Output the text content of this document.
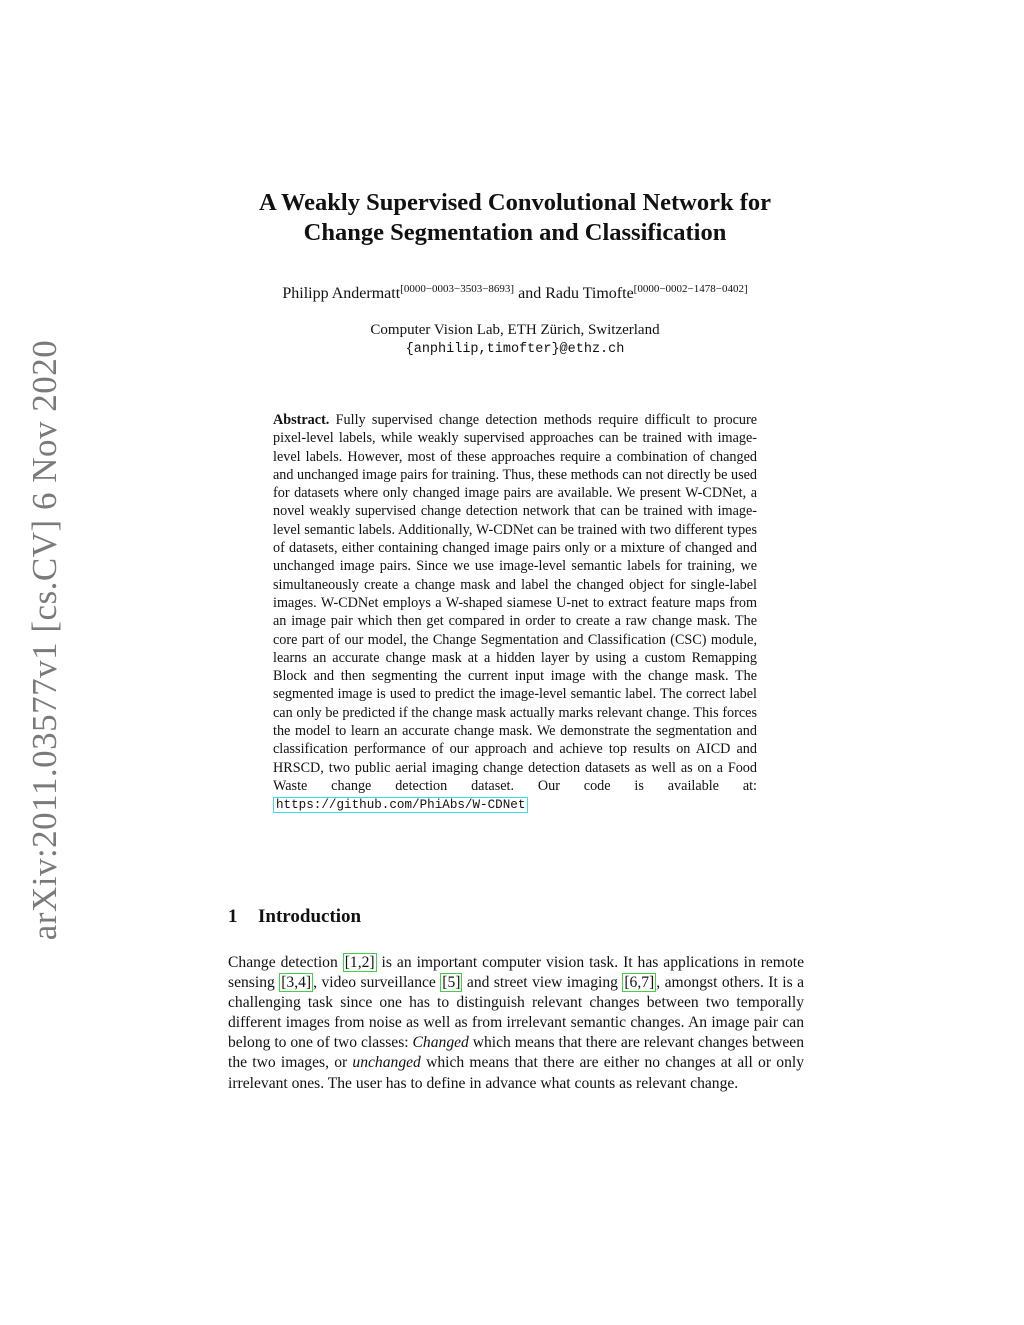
arXiv:2011.03577v1 [cs.CV] 6 Nov 2020
A Weakly Supervised Convolutional Network for
Change Segmentation and Classification
Philipp Andermatt[0000−0003−3503−8693] and Radu Timofte[0000−0002−1478−0402]
Computer Vision Lab, ETH Zürich, Switzerland
{anphilip,timofter}@ethz.ch
Abstract. Fully supervised change detection methods require difficult to procure pixel-level labels, while weakly supervised approaches can be trained with image-level labels. However, most of these approaches require a combination of changed and unchanged image pairs for training. Thus, these methods can not directly be used for datasets where only changed image pairs are available. We present W-CDNet, a novel weakly supervised change detection network that can be trained with image-level semantic labels. Additionally, W-CDNet can be trained with two different types of datasets, either containing changed image pairs only or a mixture of changed and unchanged image pairs. Since we use image-level semantic labels for training, we simultaneously create a change mask and label the changed object for single-label images. W-CDNet employs a W-shaped siamese U-net to extract feature maps from an image pair which then get compared in order to create a raw change mask. The core part of our model, the Change Segmentation and Classification (CSC) module, learns an accurate change mask at a hidden layer by using a custom Remapping Block and then segmenting the current input image with the change mask. The segmented image is used to predict the image-level semantic label. The correct label can only be predicted if the change mask actually marks relevant change. This forces the model to learn an accurate change mask. We demonstrate the segmentation and classification performance of our approach and achieve top results on AICD and HRSCD, two public aerial imaging change detection datasets as well as on a Food Waste change detection dataset. Our code is available at: https://github.com/PhiAbs/W-CDNet
1 Introduction
Change detection [1,2] is an important computer vision task. It has applications in remote sensing [3,4] , video surveillance [5] and street view imaging [6,7] , amongst others. It is a challenging task since one has to distinguish relevant changes between two temporally different images from noise as well as from irrelevant semantic changes. An image pair can belong to one of two classes: Changed which means that there are relevant changes between the two images, or unchanged which means that there are either no changes at all or only irrelevant ones. The user has to define in advance what counts as relevant change.
